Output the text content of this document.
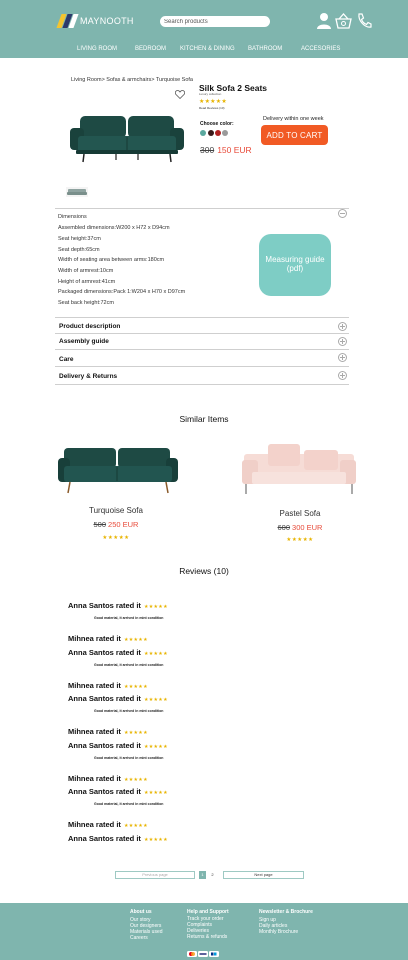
MAYNOOTH
Search products
LIVING ROOM	BEDROOM KITCHEN & DINING BATHROOM	ACCESORIES
Living Room> Sofas & armchairs> Turquoise Sofa
Silk Sofa 2 Seats
Luxury collection
★★★★★
Read Reviews (10)
Choose color:
300 150 EUR
Delivery within one week
ADD TO CART
Dimensions
Assembled dimensions:W200 x H72 x D94cm
Seat height:37cm
Seat depth:65cm
Width of seating area between arms:180cm
Width of armrest:10cm
Height of armrest:41cm
Packaged dimensions:Pack 1:W204 x H70 x D97cm
Seat back height:72cm
Measuring guide (pdf)
Product description
Assembly guide
Care
Delivery & Returns
Similar Items
Turquoise Sofa
500 250 EUR
★★★★★
Pastel Sofa
600 300 EUR
★★★★★
Reviews (10)
Anna Santos rated it ★★★★★
Good material, it arrived in mint condition
Mihnea rated it ★★★★★
Anna Santos rated it ★★★★★
Good material, it arrived in mint condition
Mihnea rated it ★★★★★
Anna Santos rated it ★★★★★
Good material, it arrived in mint condition
Mihnea rated it ★★★★★
Anna Santos rated it ★★★★★
Good material, it arrived in mint condition
Mihnea rated it ★★★★★
Anna Santos rated it ★★★★★
Good material, it arrived in mint condition
Mihnea rated it ★★★★★
Anna Santos rated it ★★★★★
Previous page	1	2	Next page
About us
Our story
Our designers
Materials used
Careers
Help and Support
Track your order
Complaints
Deliveries
Returns & refunds
Newsletter & Brochure
Sign up
Daily articles
Monthly Brochure
